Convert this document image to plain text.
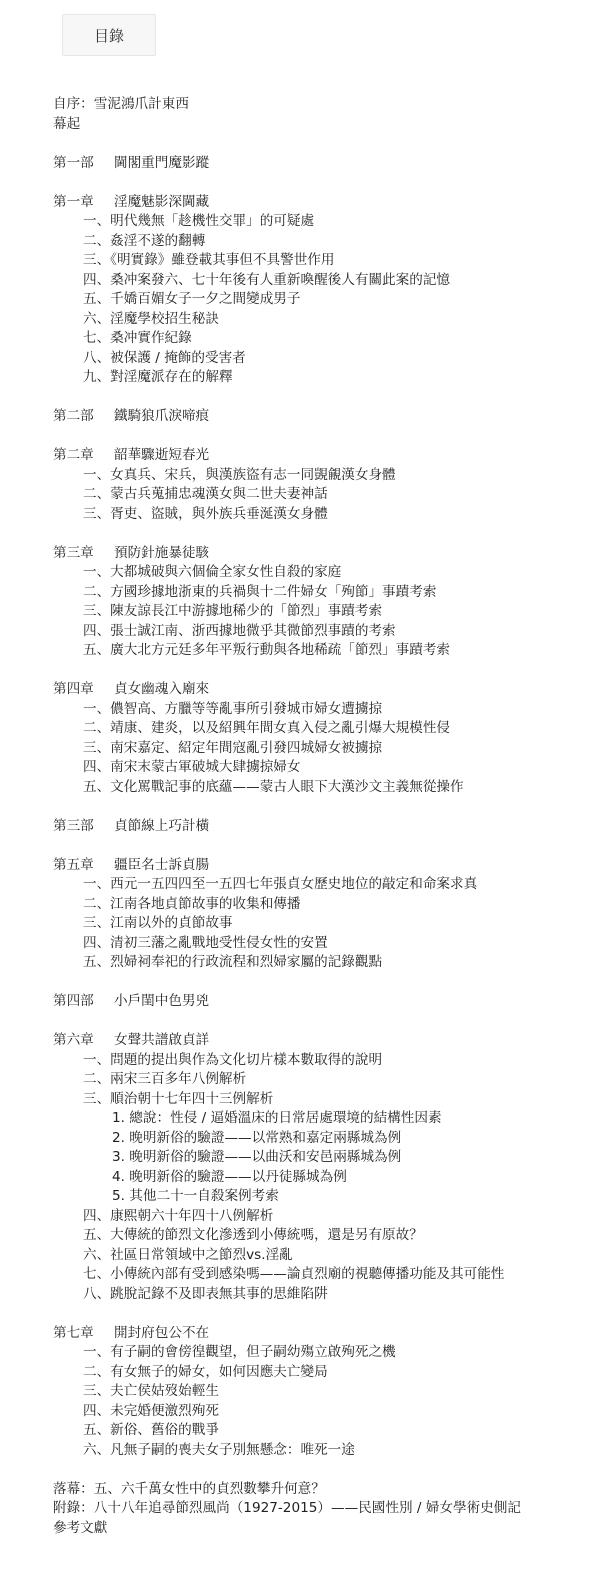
目錄
自序：雪泥鴻爪計東西
幕起
第一部 閫閣重門魔影蹤
第一章 淫魔魅影深閫藏
一、明代幾無「趁機性交罪」的可疑處
二、姦淫不遂的翻轉
三、《明實錄》雖登載其事但不具警世作用
四、桑冲案發六、七十年後有人重新喚醒後人有關此案的記憶
五、千嬌百媚女子一夕之間變成男子
六、淫魔學校招生秘訣
七、桑冲實作紀錄
八、被保護 / 掩飾的受害者
九、對淫魔派存在的解釋
第二部 鐵騎狼爪淚啼痕
第二章 韶華驟逝短春光
一、女真兵、宋兵，與漢族盜有志一同覬覦漢女身體
二、蒙古兵蒐捕忠魂漢女與二世夫妻神話
三、胥吏、盜賊，與外族兵垂涎漢女身體
第三章 預防針施暴徒駭
一、大都城破與六個倫全家女性自殺的家庭
二、方國珍據地浙東的兵禍與十二件婦女「殉節」事蹟考索
三、陳友諒長江中游據地稀少的「節烈」事蹟考索
四、張士誠江南、浙西據地微乎其微節烈事蹟的考索
五、廣大北方元廷多年平叛行動與各地稀疏「節烈」事蹟考索
第四章 貞女幽魂入廟來
一、儂智高、方臘等等亂事所引發城市婦女遭擄掠
二、靖康、建炎，以及紹興年間女真入侵之亂引爆大規模性侵
三、南宋嘉定、紹定年間寇亂引發四城婦女被擄掠
四、南宋末蒙古軍破城大肆擄掠婦女
五、文化罵戰記事的底蘊——蒙古人眼下大漢沙文主義無從操作
第三部 貞節線上巧計橫
第五章 疆臣名士訴貞腸
一、西元一五四四至一五四七年張貞女歷史地位的敲定和命案求真
二、江南各地貞節故事的收集和傳播
三、江南以外的貞節故事
四、清初三藩之亂戰地受性侵女性的安置
五、烈婦祠奉祀的行政流程和烈婦家屬的記錄觀點
第四部 小戶閨中色男兇
第六章 女聲共譜啟貞詳
一、問題的提出與作為文化切片樣本數取得的說明
二、兩宋三百多年八例解析
三、順治朝十七年四十三例解析
1. 總說：性侵 / 逼婚溫床的日常居處環境的結構性因素
2. 晚明新俗的驗證——以常熟和嘉定兩縣城為例
3. 晚明新俗的驗證——以曲沃和安邑兩縣城為例
4. 晚明新俗的驗證——以丹徒縣城為例
5. 其他二十一自殺案例考索
四、康熙朝六十年四十八例解析
五、大傳統的節烈文化滲透到小傳統嗎，還是另有原故？
六、社區日常領域中之節烈vs.淫亂
七、小傳統內部有受到感染嗎——論貞烈廟的視聽傳播功能及其可能性
八、跳脫記錄不及即表無其事的思維陷阱
第七章 開封府包公不在
一、有子嗣的會傍徨觀望，但子嗣幼殤立啟殉死之機
二、有女無子的婦女，如何因應夫亡變局
三、夫亡侯姑歿始輕生
四、未完婚便激烈殉死
五、新俗、舊俗的戰爭
六、凡無子嗣的喪夫女子別無懸念：唯死一途
落幕：五、六千萬女性中的貞烈數攀升何意？
附錄：八十八年追尋節烈風尚（1927-2015）——民國性別 / 婦女學術史側記
參考文獻
